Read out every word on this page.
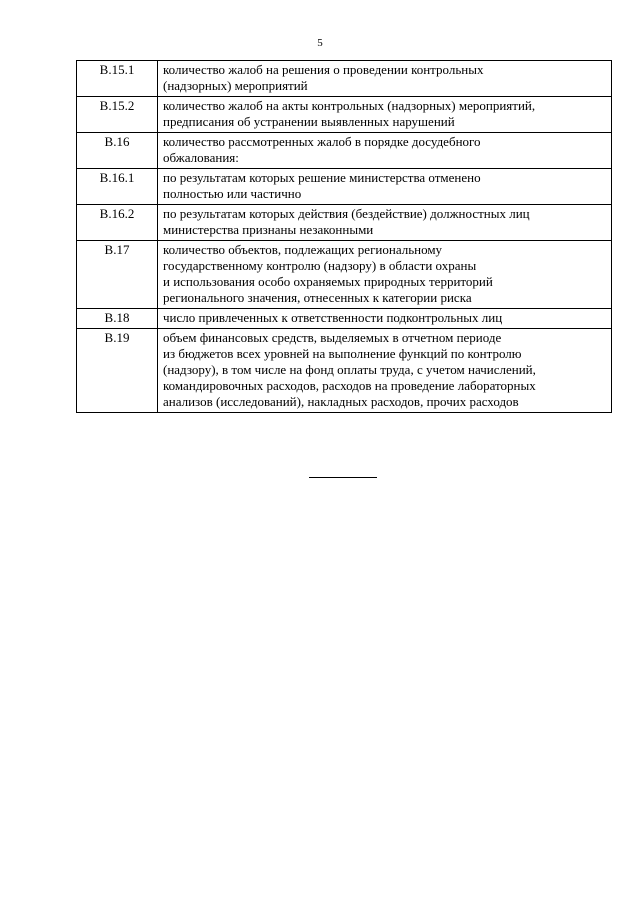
5
В.15.1	количество жалоб на решения о проведении контрольных
(надзорных) мероприятий

В.15.2	количество жалоб на акты контрольных (надзорных) мероприятий,
предписания об устранении выявленных нарушений

В.16	количество рассмотренных жалоб в порядке досудебного
обжалования:

В.16.1	по результатам которых решение министерства отменено
полностью или частично

В.16.2	по результатам которых действия (бездействие) должностных лиц
министерства признаны незаконными

В.17	количество объектов, подлежащих региональному
государственному контролю (надзору) в области охраны
и использования особо охраняемых природных территорий
регионального значения, отнесенных к категории риска

В.18	число привлеченных к ответственности подконтрольных лиц

В.19	объем финансовых средств, выделяемых в отчетном периоде
из бюджетов всех уровней на выполнение функций по контролю
(надзору), в том числе на фонд оплаты труда, с учетом начислений,
командировочных расходов, расходов на проведение лабораторных
анализов (исследований), накладных расходов, прочих расходов
